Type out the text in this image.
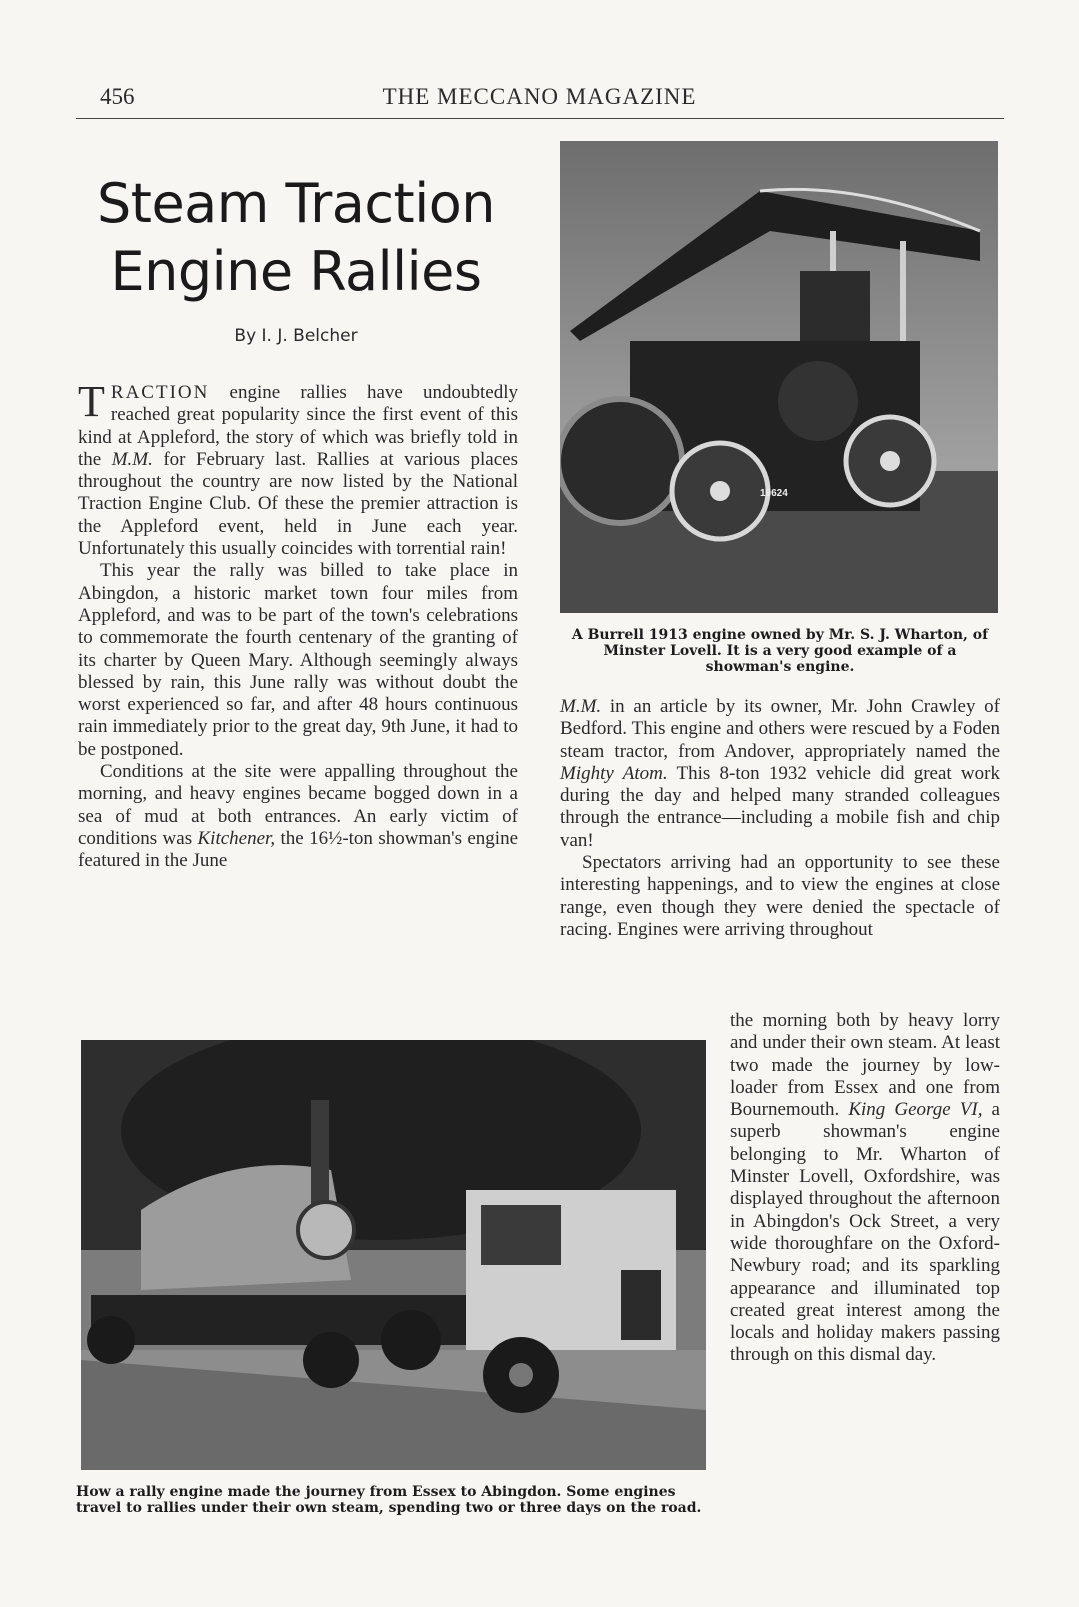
456	THE MECCANO MAGAZINE
Steam Traction
Engine Rallies
By I. J. Belcher

TRACTION engine rallies have undoubtedly reached great popularity since the first event of this kind at Appleford, the story of which was briefly told in the M.M. for February last. Rallies at various places throughout the country are now listed by the National Traction Engine Club. Of these the premier attraction is the Appleford event, held in June each year. Unfortunately this usually coincides with torrential rain!

This year the rally was billed to take place in Abingdon, a historic market town four miles from Appleford, and was to be part of the town's celebrations to commemorate the fourth centenary of the granting of its charter by Queen Mary. Although seemingly always blessed by rain, this June rally was without doubt the worst experienced so far, and after 48 hours continuous rain immediately prior to the great day, 9th June, it had to be postponed.

Conditions at the site were appalling throughout the morning, and heavy engines became bogged down in a sea of mud at both entrances. An early victim of conditions was Kitchener, the 16½-ton showman's engine featured in the June

19624
A Burrell 1913 engine owned by Mr. S. J. Wharton, of Minster Lovell. It is a very good example of a showman's engine.

M.M. in an article by its owner, Mr. John Crawley of Bedford. This engine and others were rescued by a Foden steam tractor, from Andover, appropriately named the Mighty Atom. This 8-ton 1932 vehicle did great work during the day and helped many stranded colleagues through the entrance—including a mobile fish and chip van!

Spectators arriving had an opportunity to see these interesting happenings, and to view the engines at close range, even though they were denied the spectacle of racing. Engines were arriving throughout

the morning both by heavy lorry and under their own steam. At least two made the journey by low-loader from Essex and one from Bournemouth. King George VI, a superb showman's engine belonging to Mr. Wharton of Minster Lovell, Oxfordshire, was displayed throughout the afternoon in Abingdon's Ock Street, a very wide thoroughfare on the Oxford-Newbury road; and its sparkling appearance and illuminated top created great interest among the locals and holiday makers passing through on this dismal day.

How a rally engine made the journey from Essex to Abingdon. Some engines travel to rallies under their own steam, spending two or three days on the road.
